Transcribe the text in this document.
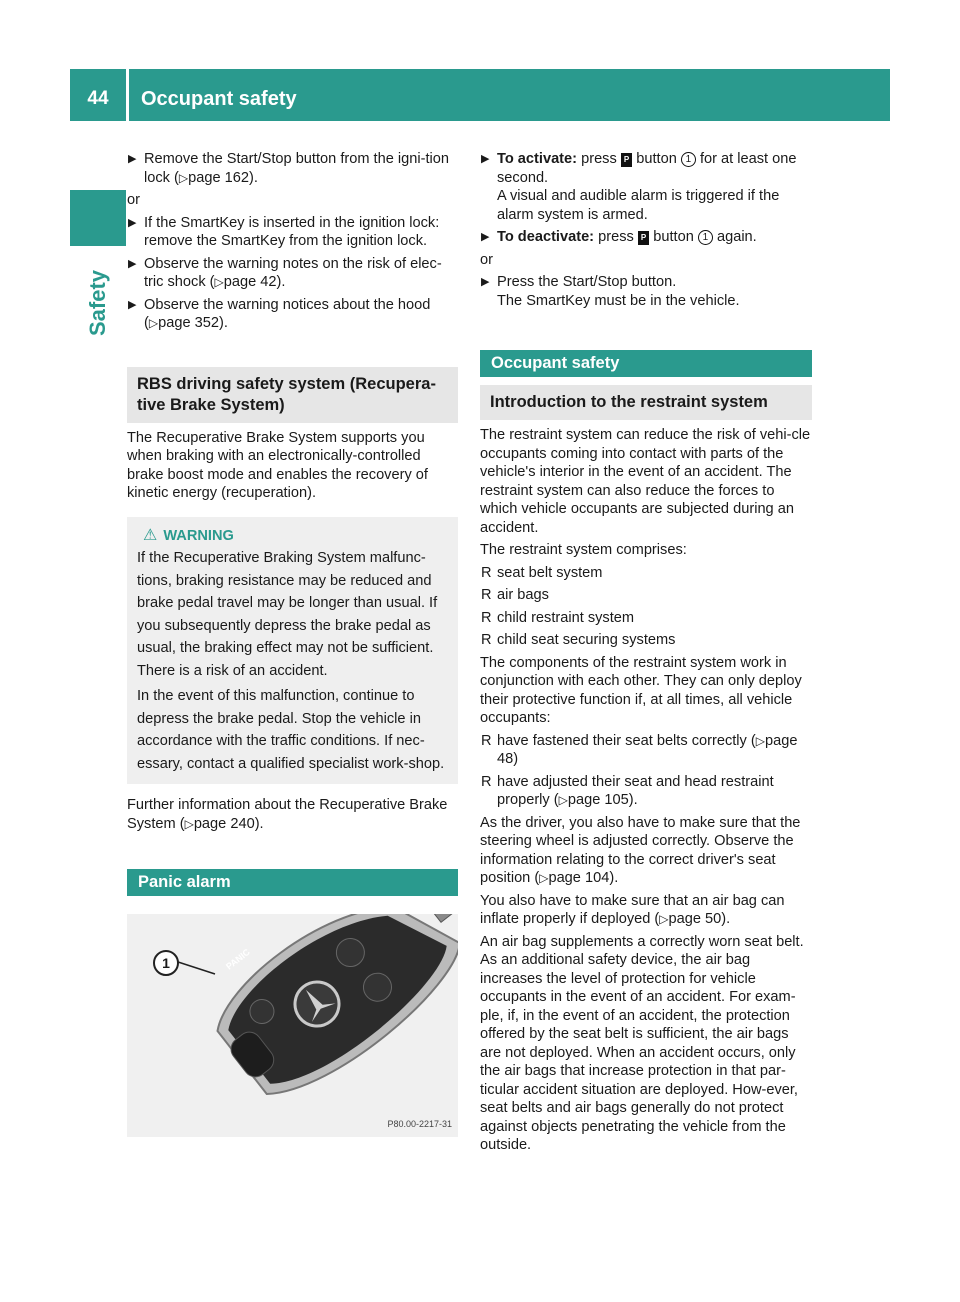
44	Occupant safety
Safety
▶ Remove the Start/Stop button from the igni-tion lock (▷page 162).
or
▶ If the SmartKey is inserted in the ignition lock: remove the SmartKey from the ignition lock.
▶ Observe the warning notes on the risk of elec-tric shock (▷page 42).
▶ Observe the warning notices about the hood (▷page 352).
RBS driving safety system (Recupera-tive Brake System)
The Recuperative Brake System supports you when braking with an electronically-controlled brake boost mode and enables the recovery of kinetic energy (recuperation).
⚠ WARNING

If the Recuperative Braking System malfunc-tions, braking resistance may be reduced and brake pedal travel may be longer than usual. If you subsequently depress the brake pedal as usual, the braking effect may not be sufficient. There is a risk of an accident.

In the event of this malfunction, continue to depress the brake pedal. Stop the vehicle in accordance with the traffic conditions. If nec-essary, contact a qualified specialist work-shop.

Further information about the Recuperative Brake System (▷page 240).
Panic alarm
PANIC
1
P80.00-2217-31
▶ To activate: press P button 1 for at least one second.
A visual and audible alarm is triggered if the alarm system is armed.
▶ To deactivate: press P button 1 again.
or
▶ Press the Start/Stop button.
The SmartKey must be in the vehicle.
Occupant safety
Introduction to the restraint system
The restraint system can reduce the risk of vehi-cle occupants coming into contact with parts of the vehicle's interior in the event of an accident. The restraint system can also reduce the forces to which vehicle occupants are subjected during an accident.
The restraint system comprises:
R seat belt system
R air bags
R child restraint system
R child seat securing systems
The components of the restraint system work in conjunction with each other. They can only deploy their protective function if, at all times, all vehicle occupants:
R have fastened their seat belts correctly (▷page 48)
R have adjusted their seat and head restraint properly (▷page 105).
As the driver, you also have to make sure that the steering wheel is adjusted correctly. Observe the information relating to the correct driver's seat position (▷page 104).
You also have to make sure that an air bag can inflate properly if deployed (▷page 50).
An air bag supplements a correctly worn seat belt. As an additional safety device, the air bag increases the level of protection for vehicle occupants in the event of an accident. For exam-ple, if, in the event of an accident, the protection offered by the seat belt is sufficient, the air bags are not deployed. When an accident occurs, only the air bags that increase protection in that par-ticular accident situation are deployed. How-ever, seat belts and air bags generally do not protect against objects penetrating the vehicle from the outside.
